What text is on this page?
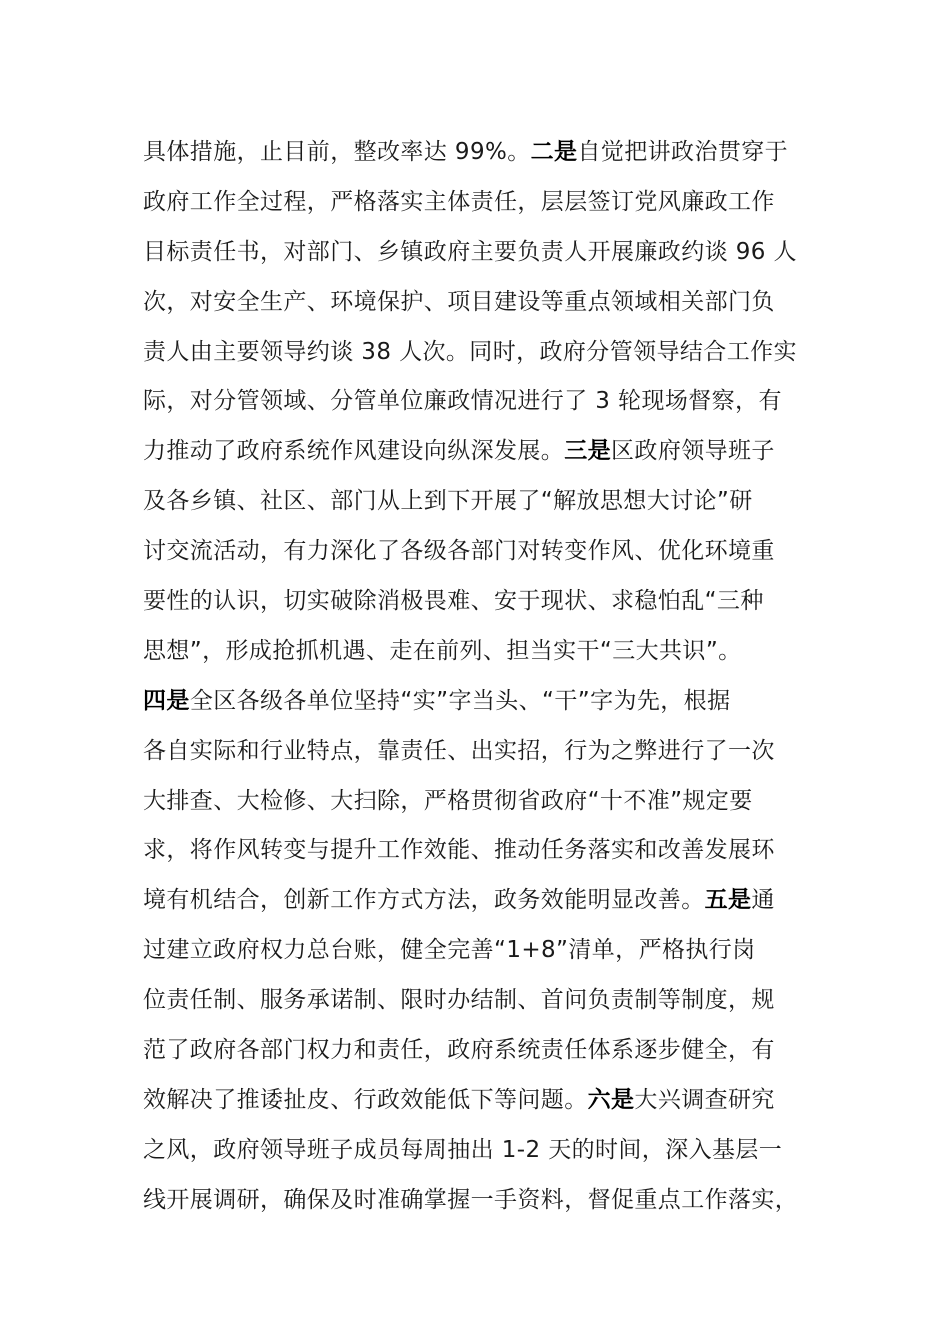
具体措施，止目前，整改率达 99%。二是自觉把讲政治贯穿于
政府工作全过程，严格落实主体责任，层层签订党风廉政工作
目标责任书，对部门、乡镇政府主要负责人开展廉政约谈 96 人
次，对安全生产、环境保护、项目建设等重点领域相关部门负
责人由主要领导约谈 38 人次。同时，政府分管领导结合工作实
际，对分管领域、分管单位廉政情况进行了 3 轮现场督察，有
力推动了政府系统作风建设向纵深发展。三是区政府领导班子
及各乡镇、社区、部门从上到下开展了“解放思想大讨论”研
讨交流活动，有力深化了各级各部门对转变作风、优化环境重
要性的认识，切实破除消极畏难、安于现状、求稳怕乱“三种
思想”，形成抢抓机遇、走在前列、担当实干“三大共识”。
四是全区各级各单位坚持“实”字当头、“干”字为先，根据
各自实际和行业特点，靠责任、出实招，行为之弊进行了一次
大排查、大检修、大扫除，严格贯彻省政府“十不准”规定要
求，将作风转变与提升工作效能、推动任务落实和改善发展环
境有机结合，创新工作方式方法，政务效能明显改善。五是通
过建立政府权力总台账，健全完善“1+8”清单，严格执行岗
位责任制、服务承诺制、限时办结制、首问负责制等制度，规
范了政府各部门权力和责任，政府系统责任体系逐步健全，有
效解决了推诿扯皮、行政效能低下等问题。六是大兴调查研究
之风，政府领导班子成员每周抽出 1-2 天的时间，深入基层一
线开展调研，确保及时准确掌握一手资料，督促重点工作落实，
